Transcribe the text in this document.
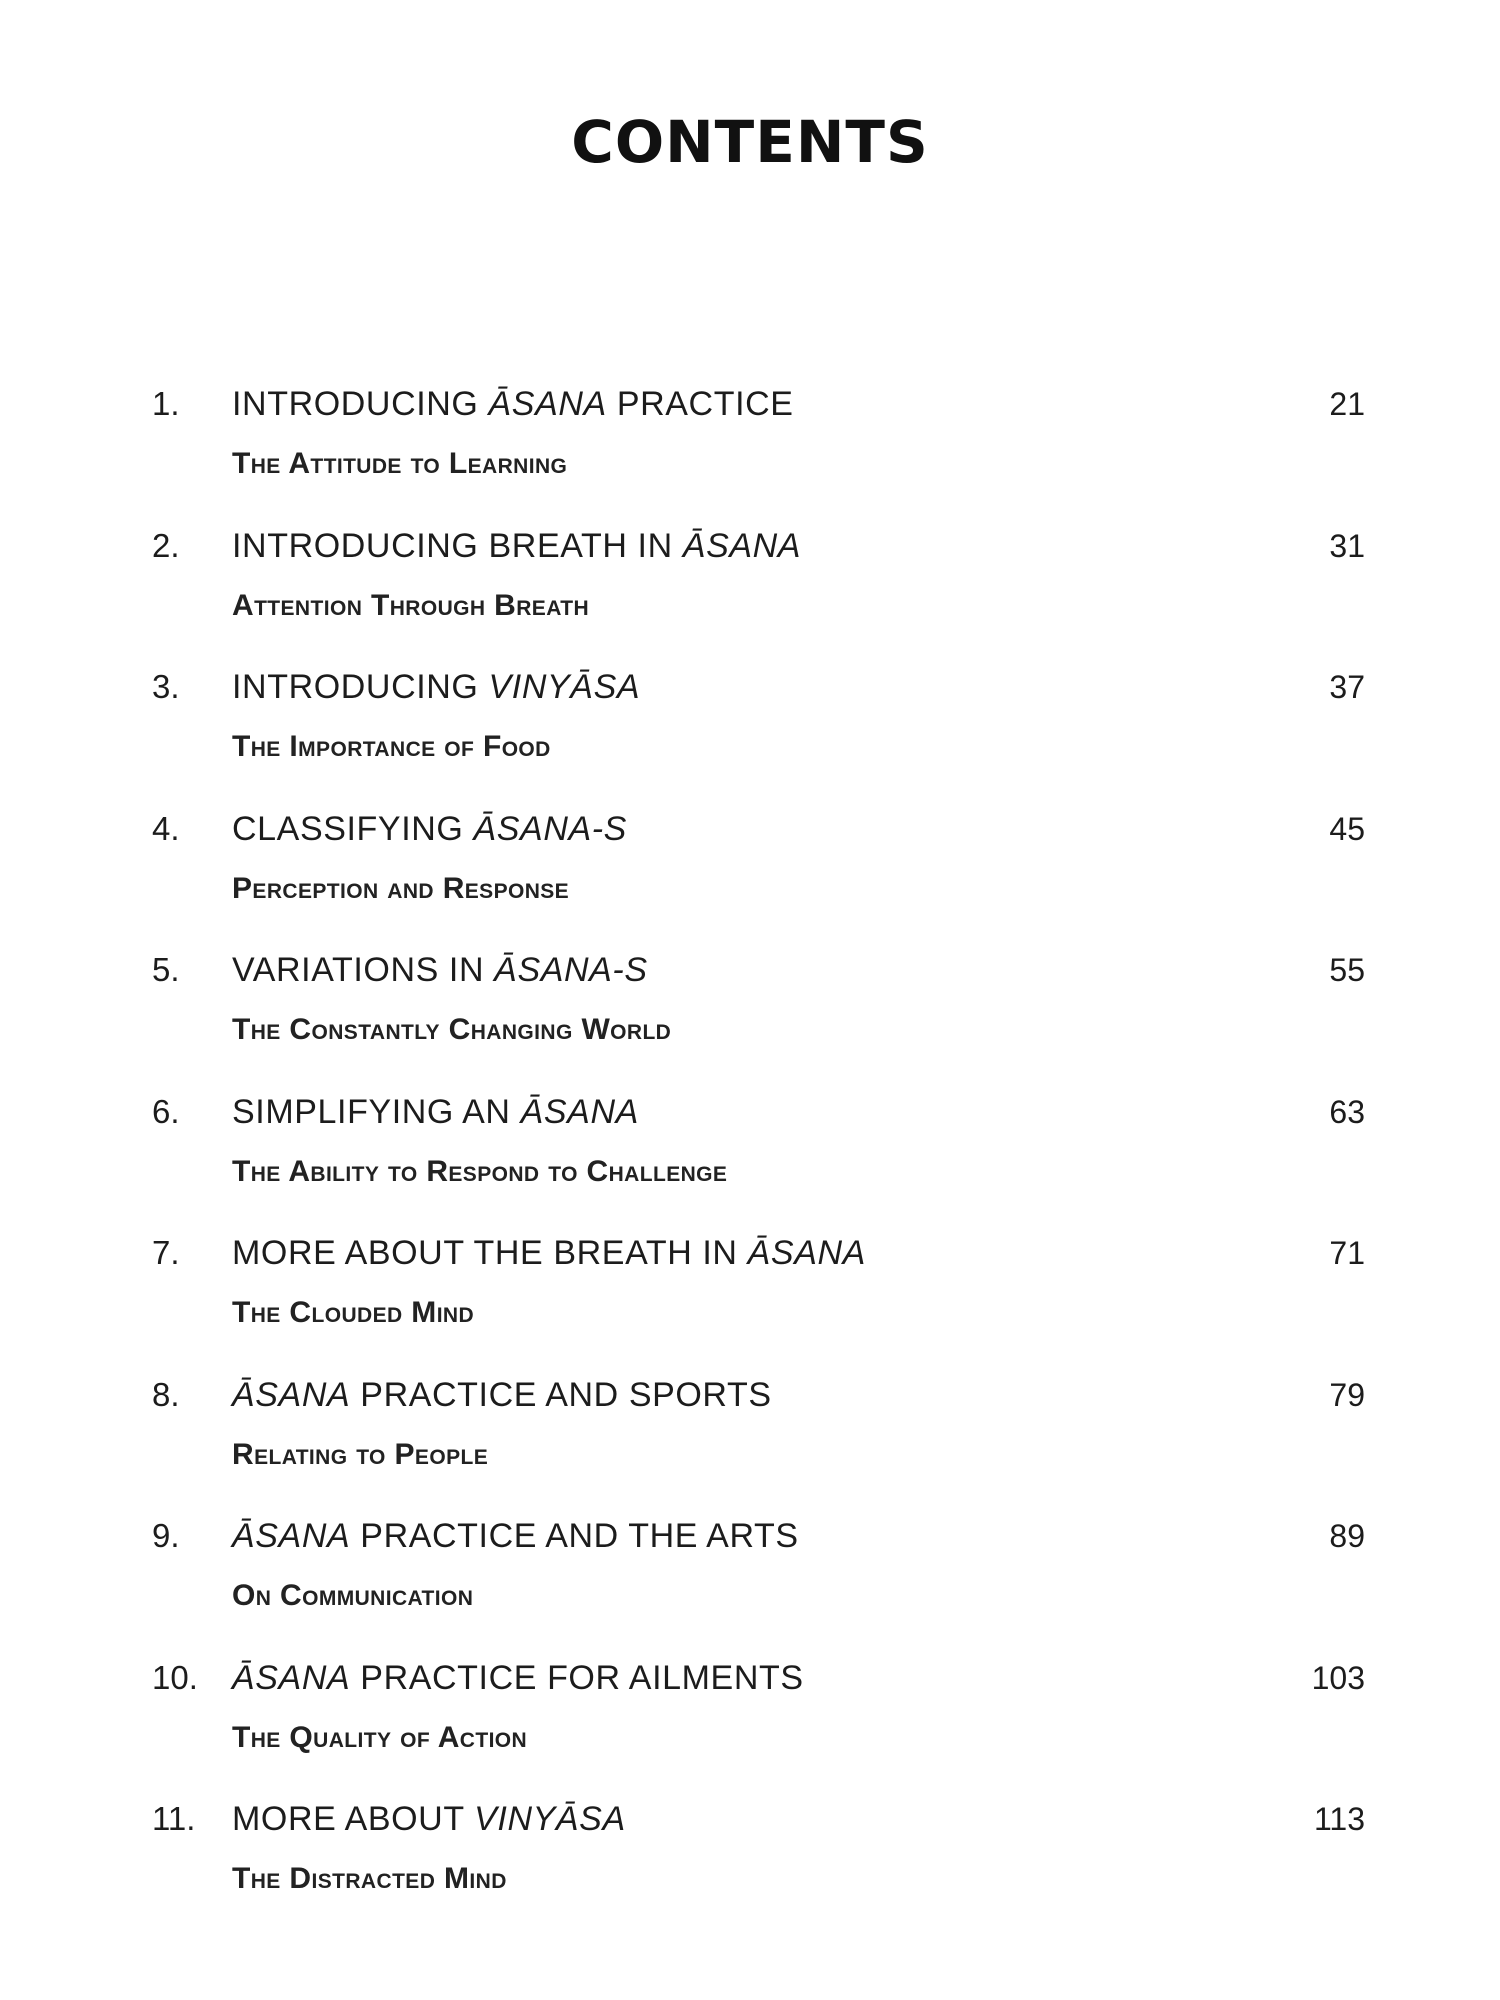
CONTENTS
1. INTRODUCING ĀSANA PRACTICE
The Attitude to Learning
21
2. INTRODUCING BREATH IN ĀSANA
Attention Through Breath
31
3. INTRODUCING VINYĀSA
The Importance of Food
37
4. CLASSIFYING ĀSANA-S
Perception and Response
45
5. VARIATIONS IN ĀSANA-S
The Constantly Changing World
55
6. SIMPLIFYING AN ĀSANA
The Ability to Respond to Challenge
63
7. MORE ABOUT THE BREATH IN ĀSANA
The Clouded Mind
71
8. ĀSANA PRACTICE AND SPORTS
Relating to People
79
9. ĀSANA PRACTICE AND THE ARTS
On Communication
89
10. ĀSANA PRACTICE FOR AILMENTS
The Quality of Action
103
11. MORE ABOUT VINYĀSA
The Distracted Mind
113
